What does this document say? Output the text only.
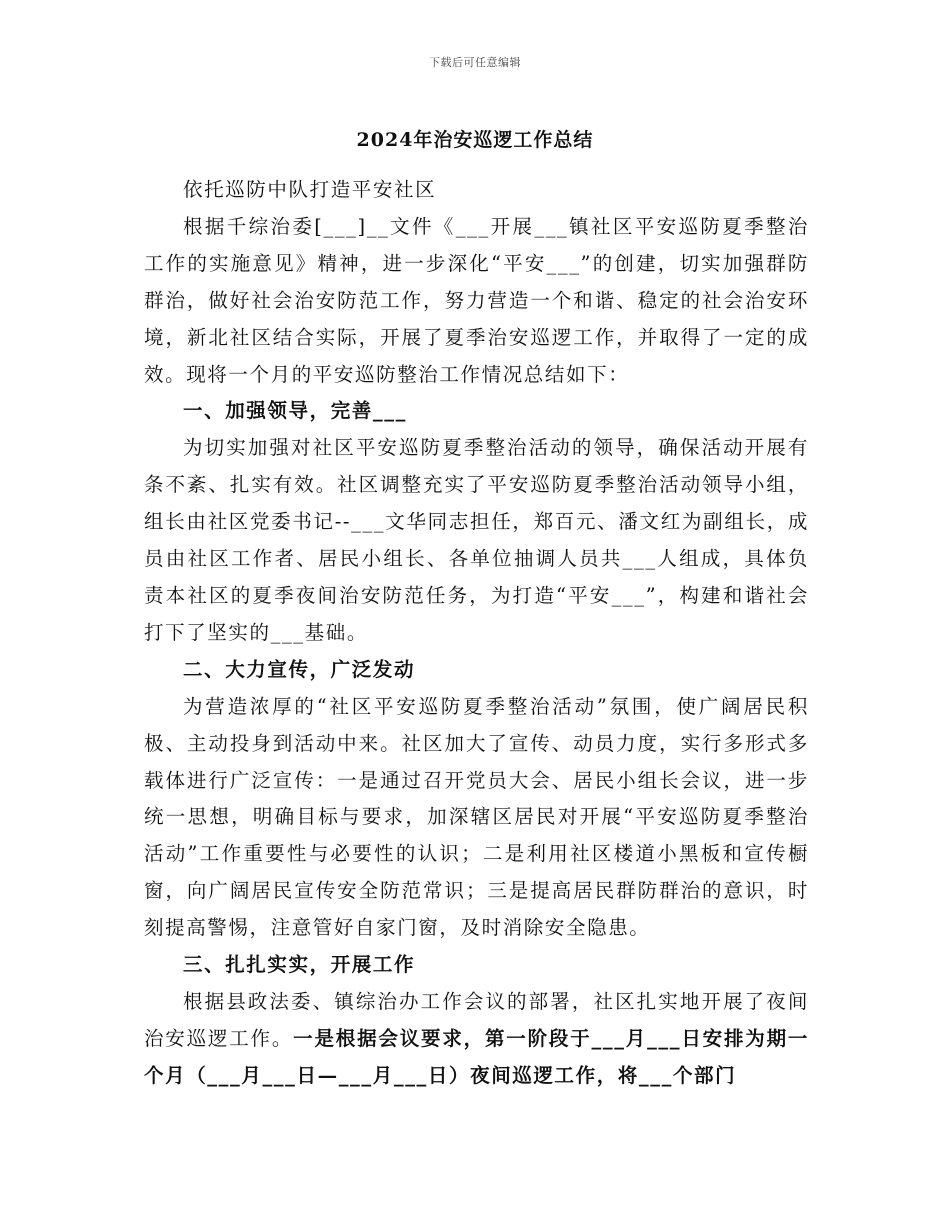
下载后可任意编辑
2024年治安巡逻工作总结

依托巡防中队打造平安社区

根据千综治委[___]__文件《___开展___镇社区平安巡防夏季整治工作的实施意见》精神，进一步深化“平安___”的创建，切实加强群防群治，做好社会治安防范工作，努力营造一个和谐、稳定的社会治安环境，新北社区结合实际，开展了夏季治安巡逻工作，并取得了一定的成效。现将一个月的平安巡防整治工作情况总结如下：

一、加强领导，完善___

为切实加强对社区平安巡防夏季整治活动的领导，确保活动开展有条不紊、扎实有效。社区调整充实了平安巡防夏季整治活动领导小组，组长由社区党委书记--___文华同志担任，郑百元、潘文红为副组长，成员由社区工作者、居民小组长、各单位抽调人员共___人组成，具体负责本社区的夏季夜间治安防范任务，为打造“平安___”，构建和谐社会打下了坚实的___基础。

二、大力宣传，广泛发动

为营造浓厚的“社区平安巡防夏季整治活动”氛围，使广阔居民积极、主动投身到活动中来。社区加大了宣传、动员力度，实行多形式多载体进行广泛宣传：一是通过召开党员大会、居民小组长会议，进一步统一思想，明确目标与要求，加深辖区居民对开展“平安巡防夏季整治活动”工作重要性与必要性的认识；二是利用社区楼道小黑板和宣传橱窗，向广阔居民宣传安全防范常识；三是提高居民群防群治的意识，时刻提高警惕，注意管好自家门窗，及时消除安全隐患。

三、扎扎实实，开展工作

根据县政法委、镇综治办工作会议的部署，社区扎实地开展了夜间治安巡逻工作。一是根据会议要求，第一阶段于___月___日安排为期一个月（___月___日—___月___日）夜间巡逻工作，将___个部门
